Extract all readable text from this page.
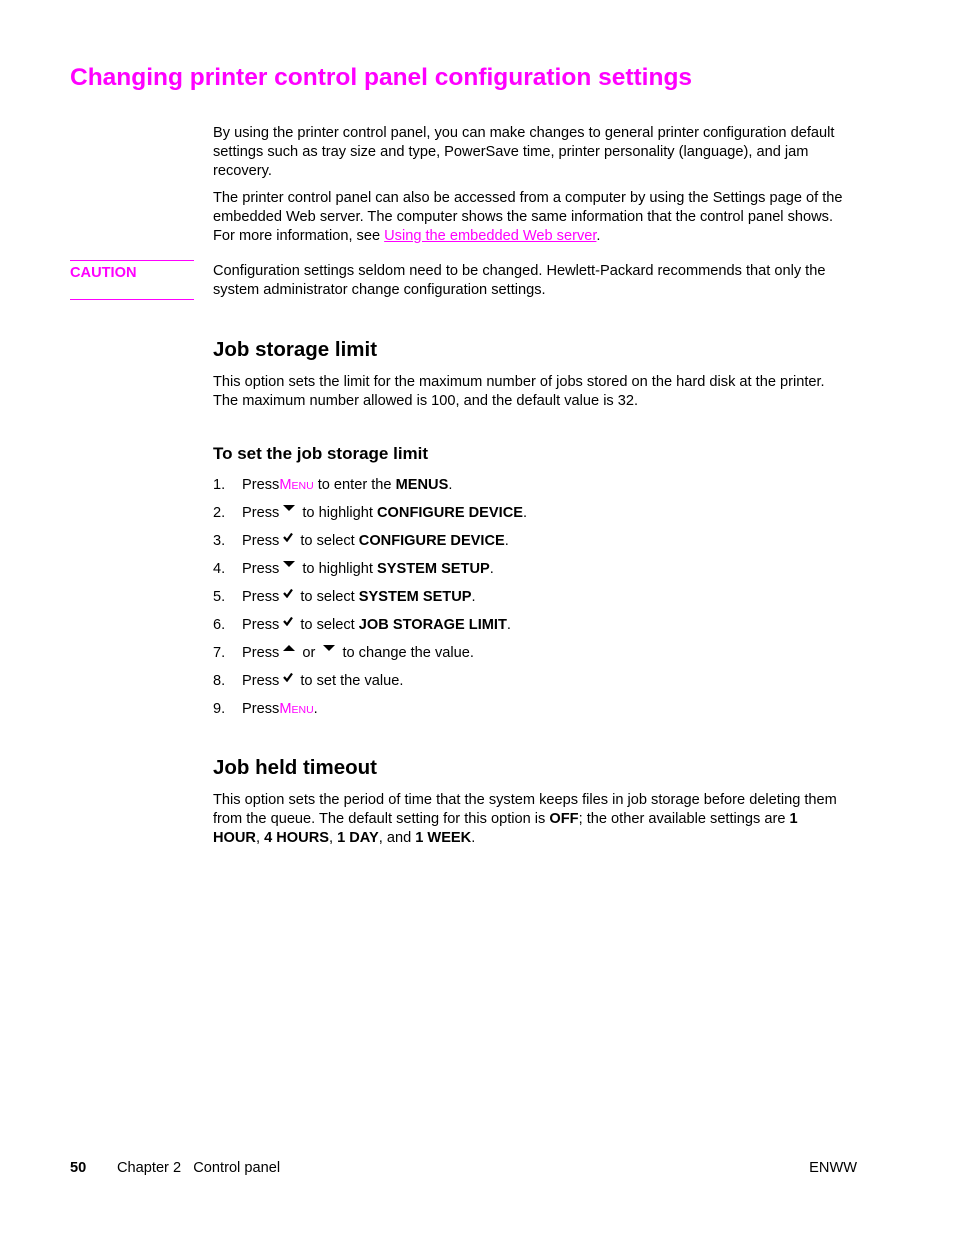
Changing printer control panel configuration settings

By using the printer control panel, you can make changes to general printer configuration default settings such as tray size and type, PowerSave time, printer personality (language), and jam recovery.

The printer control panel can also be accessed from a computer by using the Settings page of the embedded Web server. The computer shows the same information that the control panel shows. For more information, see Using the embedded Web server.

CAUTION	Configuration settings seldom need to be changed. Hewlett-Packard recommends that only the system administrator change configuration settings.

Job storage limit

This option sets the limit for the maximum number of jobs stored on the hard disk at the printer. The maximum number allowed is 100, and the default value is 32.

To set the job storage limit
1.	Press MENU to enter the MENUS .
2.	Press to highlight CONFIGURE DEVICE .
3.	Press to select CONFIGURE DEVICE .
4.	Press to highlight SYSTEM SETUP .
5.	Press to select SYSTEM SETUP .
6.	Press to select JOB STORAGE LIMIT .
7.	Press or to change the value.
8.	Press to set the value.
9.	Press MENU .
Job held timeout

This option sets the period of time that the system keeps files in job storage before deleting them from the queue. The default setting for this option is OFF; the other available settings are 1 HOUR, 4 HOURS, 1 DAY, and 1 WEEK.

50 Chapter 2   Control panel	ENWW
